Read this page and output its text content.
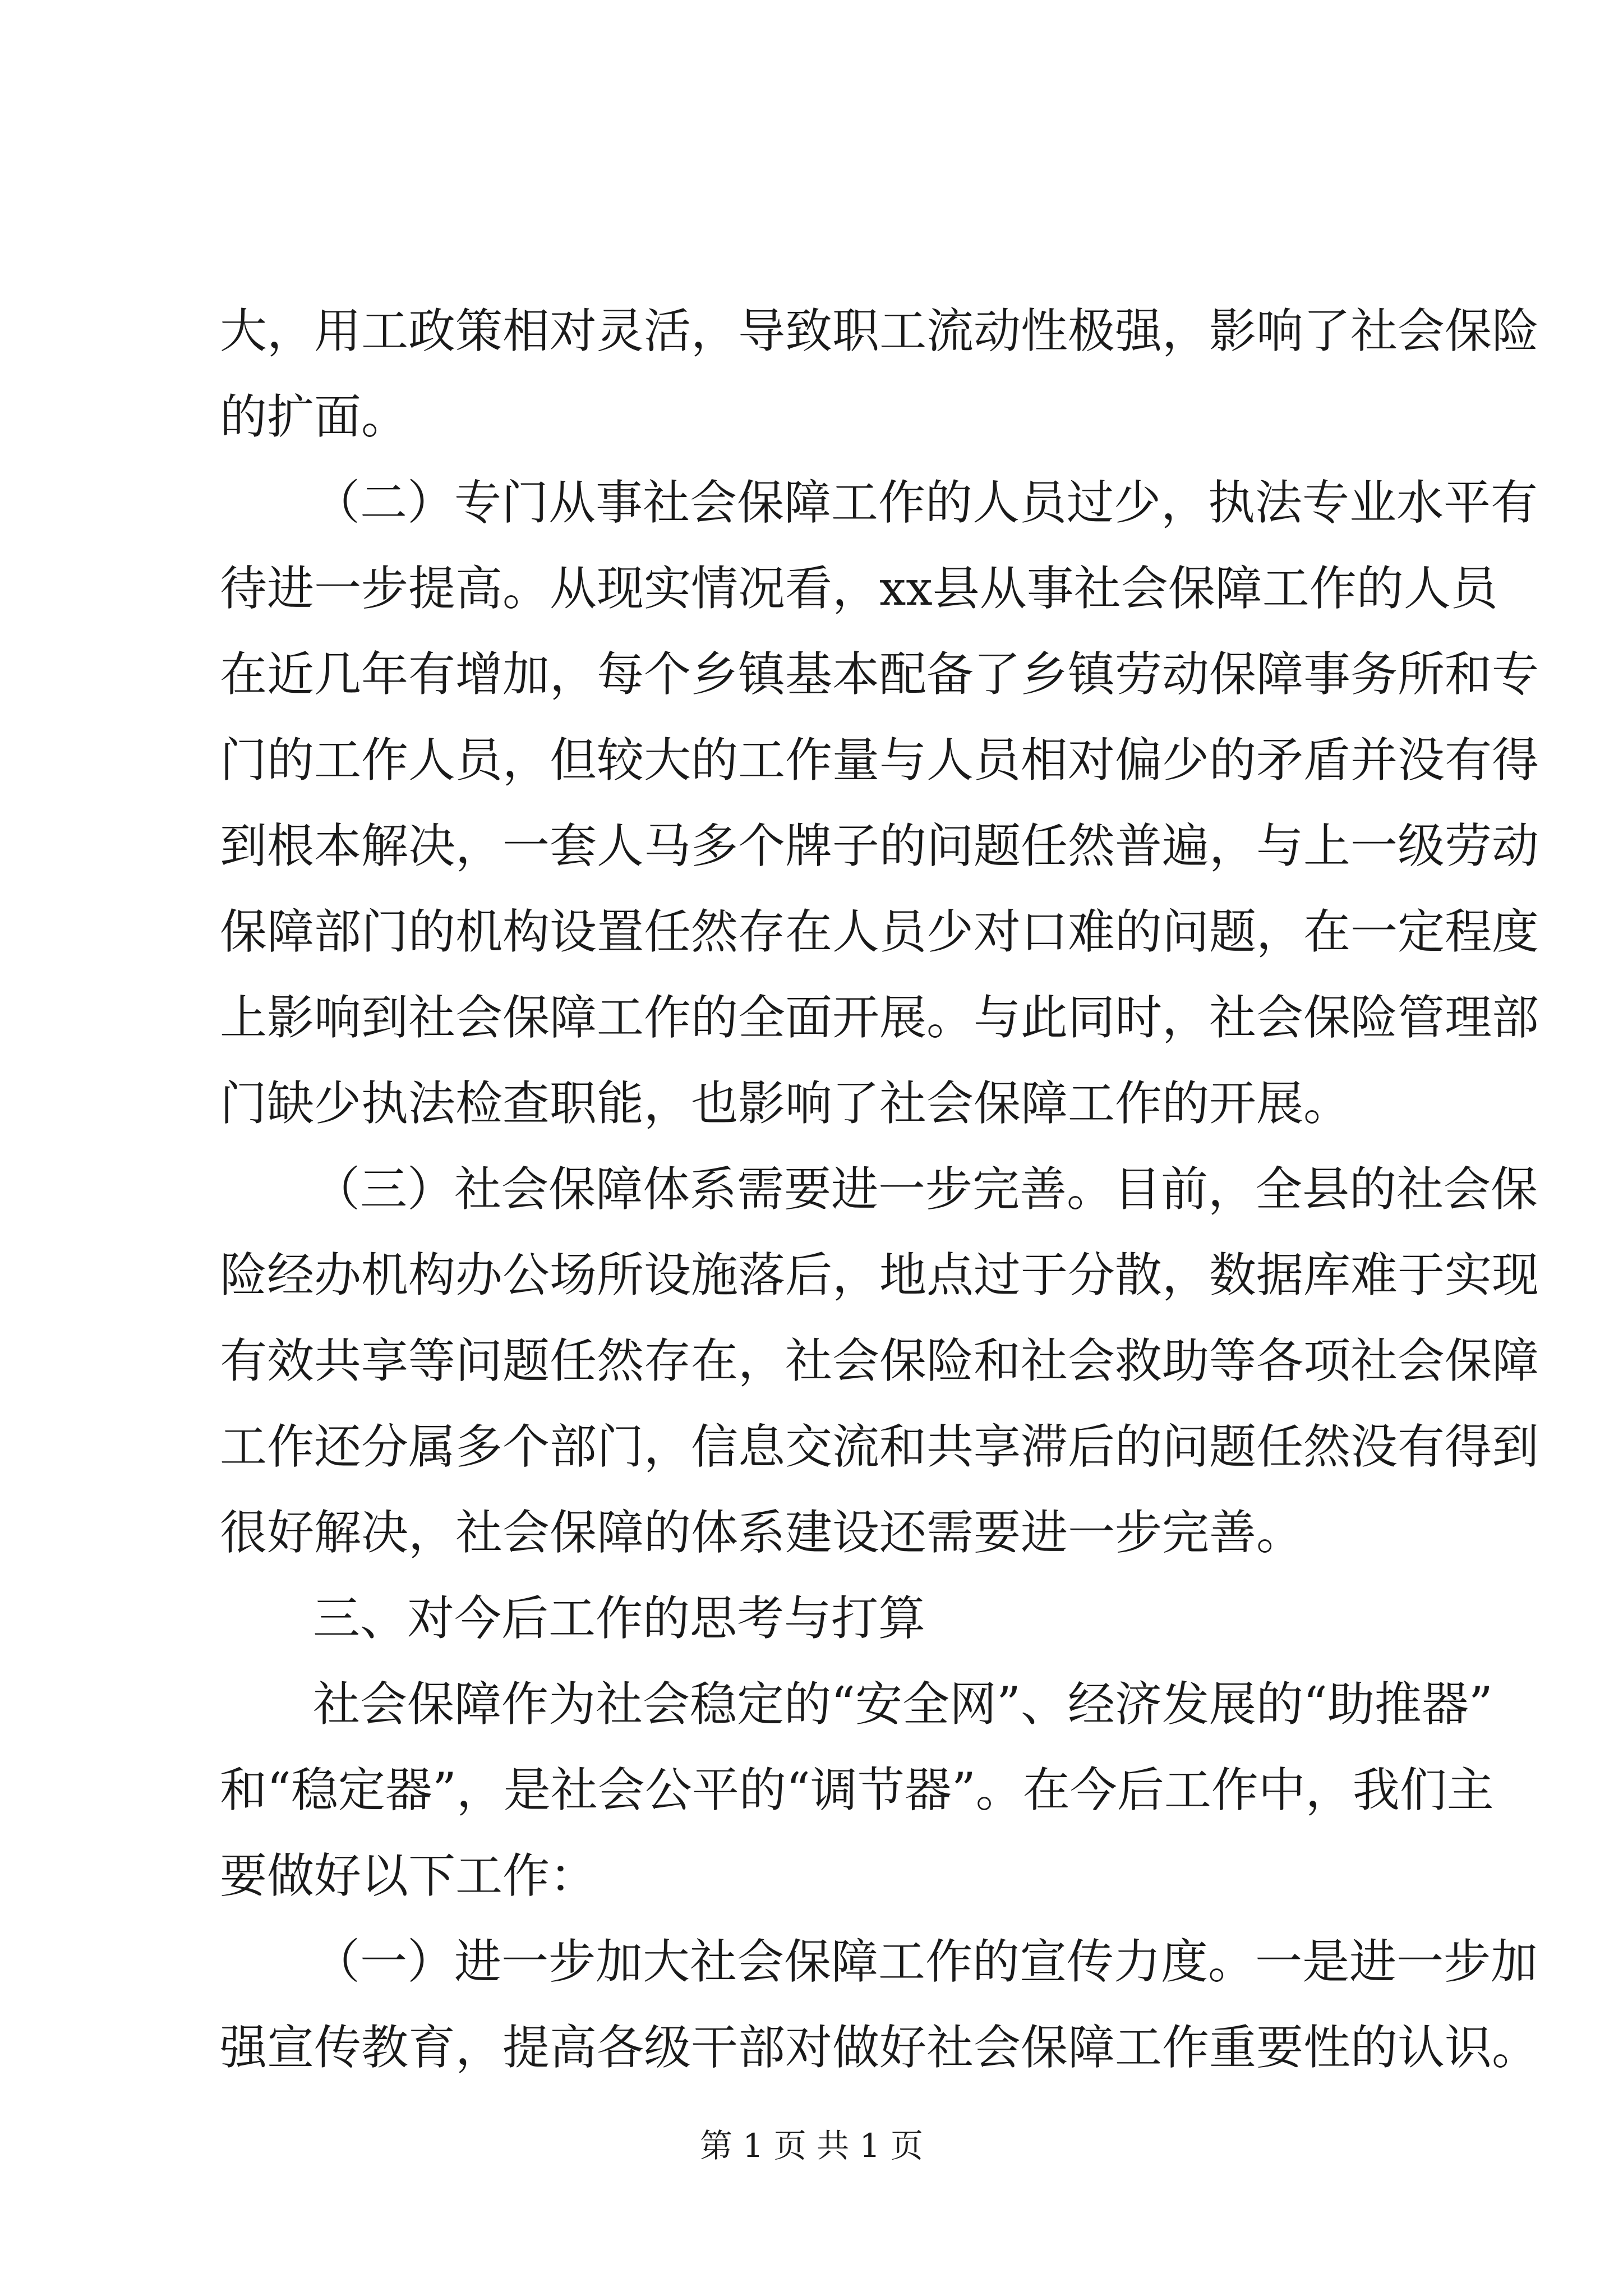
大，用工政策相对灵活，导致职工流动性极强，影响了社会保险
的扩面。
（二）专门从事社会保障工作的人员过少，执法专业水平有
待进一步提高。从现实情况看，xx县从事社会保障工作的人员
在近几年有增加，每个乡镇基本配备了乡镇劳动保障事务所和专
门的工作人员，但较大的工作量与人员相对偏少的矛盾并没有得
到根本解决，一套人马多个牌子的问题任然普遍，与上一级劳动
保障部门的机构设置任然存在人员少对口难的问题，在一定程度
上影响到社会保障工作的全面开展。与此同时，社会保险管理部
门缺少执法检查职能，也影响了社会保障工作的开展。
（三）社会保障体系需要进一步完善。目前，全县的社会保
险经办机构办公场所设施落后，地点过于分散，数据库难于实现
有效共享等问题任然存在，社会保险和社会救助等各项社会保障
工作还分属多个部门，信息交流和共享滞后的问题任然没有得到
很好解决，社会保障的体系建设还需要进一步完善。
三、对今后工作的思考与打算
社会保障作为社会稳定的“安全网”、经济发展的“助推器”
和“稳定器”，是社会公平的“调节器”。在今后工作中，我们主
要做好以下工作：
（一）进一步加大社会保障工作的宣传力度。一是进一步加
强宣传教育，提高各级干部对做好社会保障工作重要性的认识。
第 1 页 共 1 页
